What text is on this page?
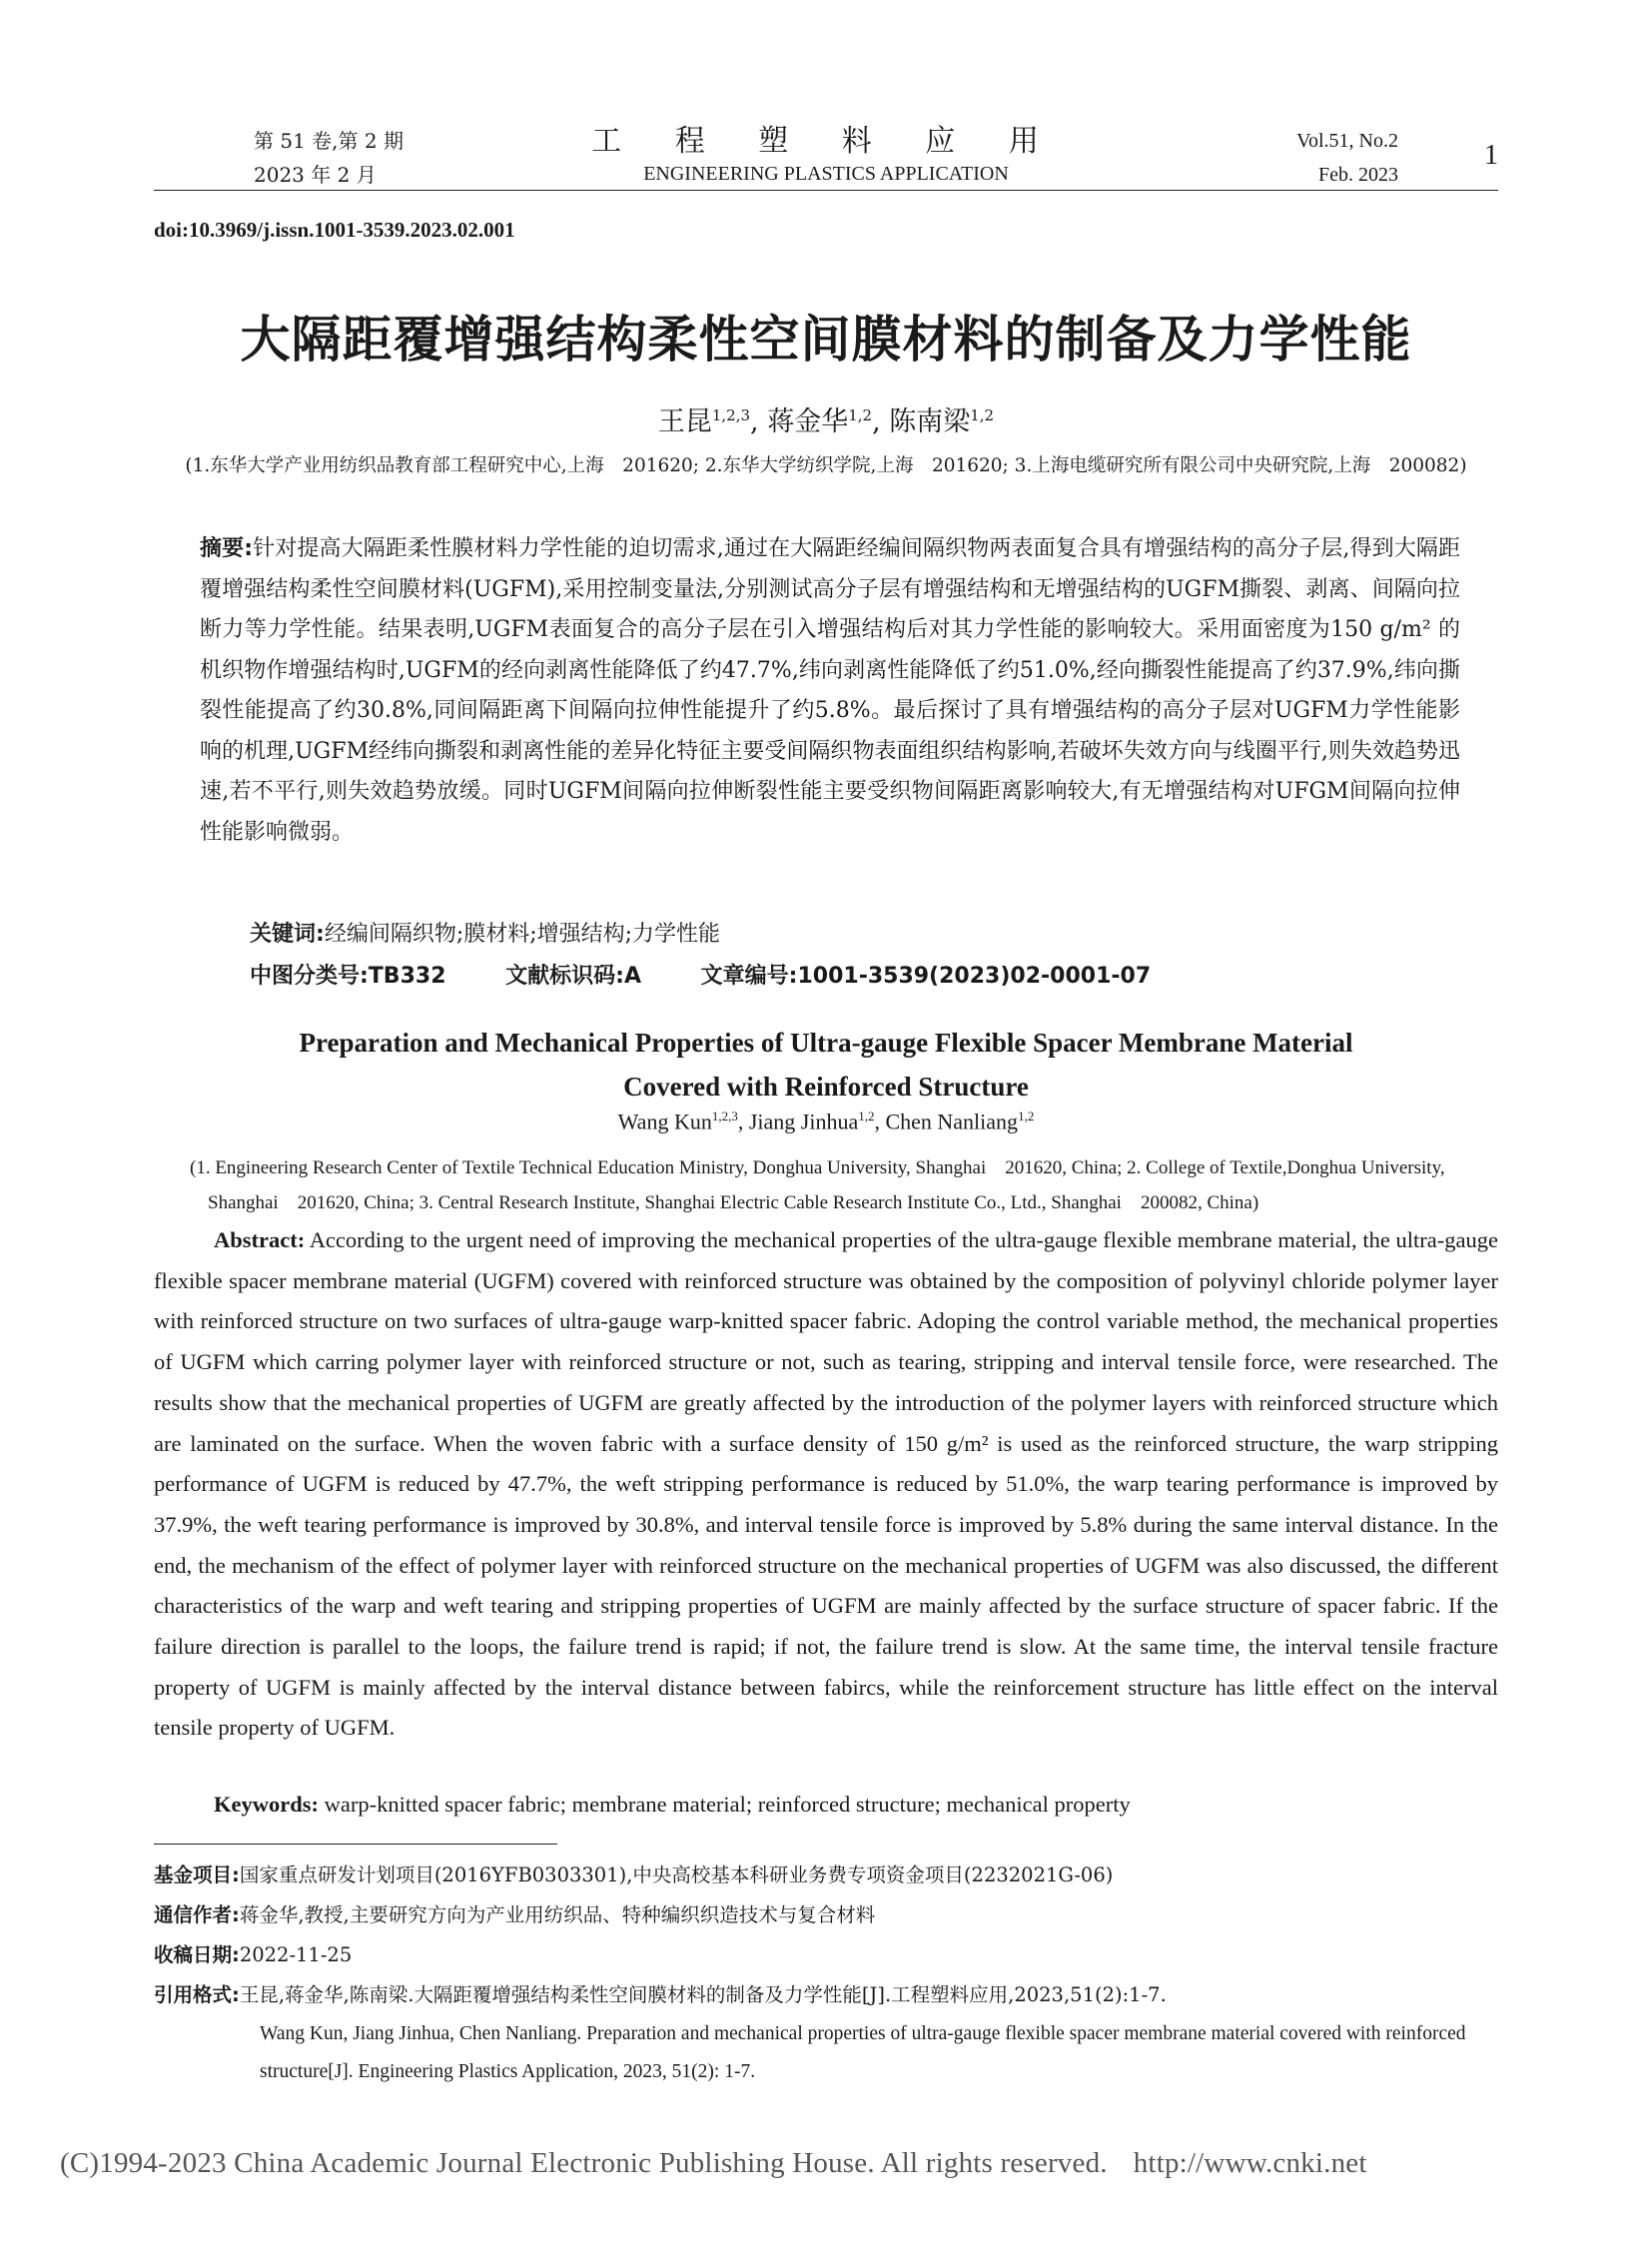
第 51 卷,第 2 期
2023 年 2 月
工 程 塑 料 应 用
ENGINEERING PLASTICS APPLICATION
Vol.51, No.2
Feb. 2023
1
doi:10.3969/j.issn.1001-3539.2023.02.001
大隔距覆增强结构柔性空间膜材料的制备及力学性能
王昆$^{1,2,3}$, 蒋金华$^{1,2}$, 陈南梁$^{1,2}$
(1.东华大学产业用纺织品教育部工程研究中心,上海　201620; 2.东华大学纺织学院,上海　201620; 3.上海电缆研究所有限公司中央研究院,上海　200082)
摘要:针对提高大隔距柔性膜材料力学性能的迫切需求,通过在大隔距经编间隔织物两表面复合具有增强结构的高分子层,得到大隔距覆增强结构柔性空间膜材料(UGFM),采用控制变量法,分别测试高分子层有增强结构和无增强结构的UGFM撕裂、剥离、间隔向拉断力等力学性能。结果表明,UGFM表面复合的高分子层在引入增强结构后对其力学性能的影响较大。采用面密度为150 g/m² 的机织物作增强结构时,UGFM的经向剥离性能降低了约47.7%,纬向剥离性能降低了约51.0%,经向撕裂性能提高了约37.9%,纬向撕裂性能提高了约30.8%,同间隔距离下间隔向拉伸性能提升了约5.8%。最后探讨了具有增强结构的高分子层对UGFM力学性能影响的机理,UGFM经纬向撕裂和剥离性能的差异化特征主要受间隔织物表面组织结构影响,若破坏失效方向与线圈平行,则失效趋势迅速,若不平行,则失效趋势放缓。同时UGFM间隔向拉伸断裂性能主要受织物间隔距离影响较大,有无增强结构对UFGM间隔向拉伸性能影响微弱。
关键词:经编间隔织物;膜材料;增强结构;力学性能
中图分类号:TB332	文献标识码:A	文章编号:1001-3539(2023)02-0001-07
Preparation and Mechanical Properties of Ultra-gauge Flexible Spacer Membrane Material
Covered with Reinforced Structure
Wang Kun$^{1,2,3}$, Jiang Jinhua$^{1,2}$, Chen Nanliang$^{1,2}$
(1. Engineering Research Center of Textile Technical Education Ministry, Donghua University, Shanghai　201620, China; 2. College of Textile,Donghua University, Shanghai　201620, China; 3. Central Research Institute, Shanghai Electric Cable Research Institute Co., Ltd., Shanghai　200082, China)
Abstract: According to the urgent need of improving the mechanical properties of the ultra-gauge flexible membrane material, the ultra-gauge flexible spacer membrane material (UGFM) covered with reinforced structure was obtained by the composition of polyvinyl chloride polymer layer with reinforced structure on two surfaces of ultra-gauge warp-knitted spacer fabric. Adoping the control variable method, the mechanical properties of UGFM which carring polymer layer with reinforced structure or not, such as tearing, stripping and interval tensile force, were researched. The results show that the mechanical properties of UGFM are greatly affected by the introduction of the polymer layers with reinforced structure which are laminated on the surface. When the woven fabric with a surface density of 150 g/m² is used as the reinforced structure, the warp stripping performance of UGFM is reduced by 47.7%, the weft stripping performance is reduced by 51.0%, the warp tearing performance is improved by 37.9%, the weft tearing performance is improved by 30.8%, and interval tensile force is improved by 5.8% during the same interval distance. In the end, the mechanism of the effect of polymer layer with reinforced structure on the mechanical properties of UGFM was also discussed, the different characteristics of the warp and weft tearing and stripping properties of UGFM are mainly affected by the surface structure of spacer fabric. If the failure direction is parallel to the loops, the failure trend is rapid; if not, the failure trend is slow. At the same time, the interval tensile fracture property of UGFM is mainly affected by the interval distance between fabircs, while the reinforcement structure has little effect on the interval tensile property of UGFM.
Keywords: warp-knitted spacer fabric; membrane material; reinforced structure; mechanical property
基金项目:国家重点研发计划项目(2016YFB0303301),中央高校基本科研业务费专项资金项目(2232021G-06)
通信作者:蒋金华,教授,主要研究方向为产业用纺织品、特种编织织造技术与复合材料
收稿日期:2022-11-25
引用格式:王昆,蒋金华,陈南梁.大隔距覆增强结构柔性空间膜材料的制备及力学性能[J].工程塑料应用,2023,51(2):1-7.
Wang Kun, Jiang Jinhua, Chen Nanliang. Preparation and mechanical properties of ultra-gauge flexible spacer membrane material covered with reinforced structure[J]. Engineering Plastics Application, 2023, 51(2): 1-7.
(C)1994-2023 China Academic Journal Electronic Publishing House. All rights reserved. http://www.cnki.net
